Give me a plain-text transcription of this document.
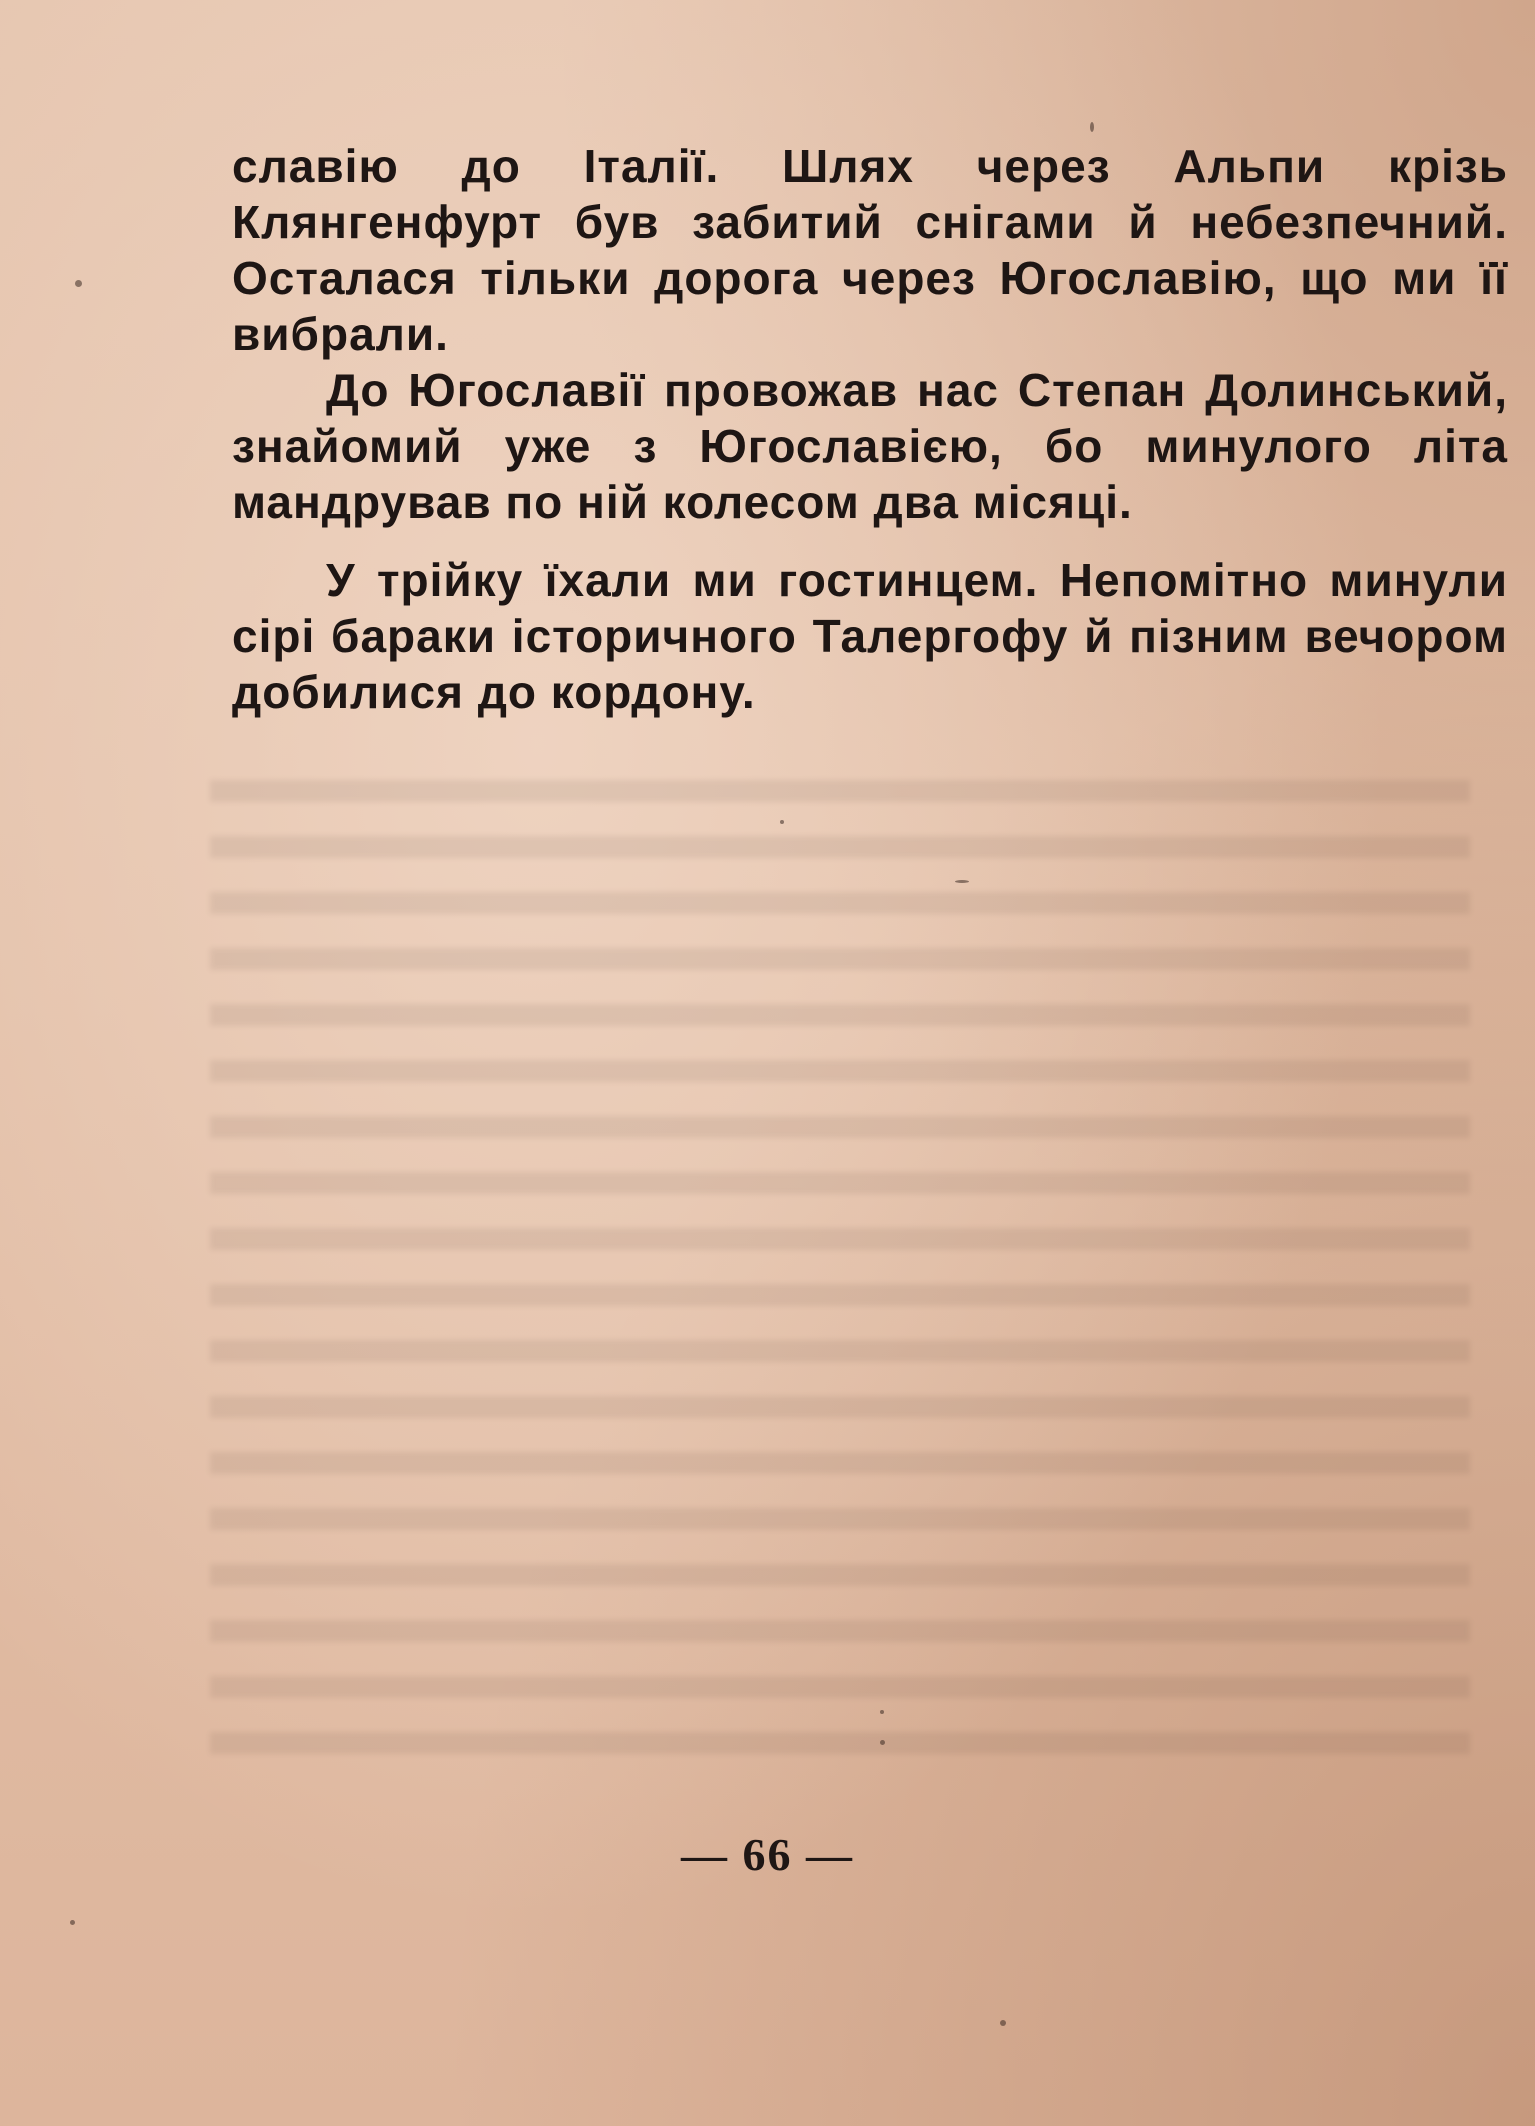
славію до Італії. Шлях через Альпи крізь Клянгенфурт був забитий снігами й небезпечний. Осталася тільки дорога через Югославію, що ми її вибрали.

До Югославії провожав нас Степан Долинський, знайомий уже з Югославією, бо минулого літа мандрував по ній колесом два місяці.

У трійку їхали ми гостинцем. Непомітно минули сірі бараки історичного Талергофу й пізним вечором добилися до кордону.

— 66 —
